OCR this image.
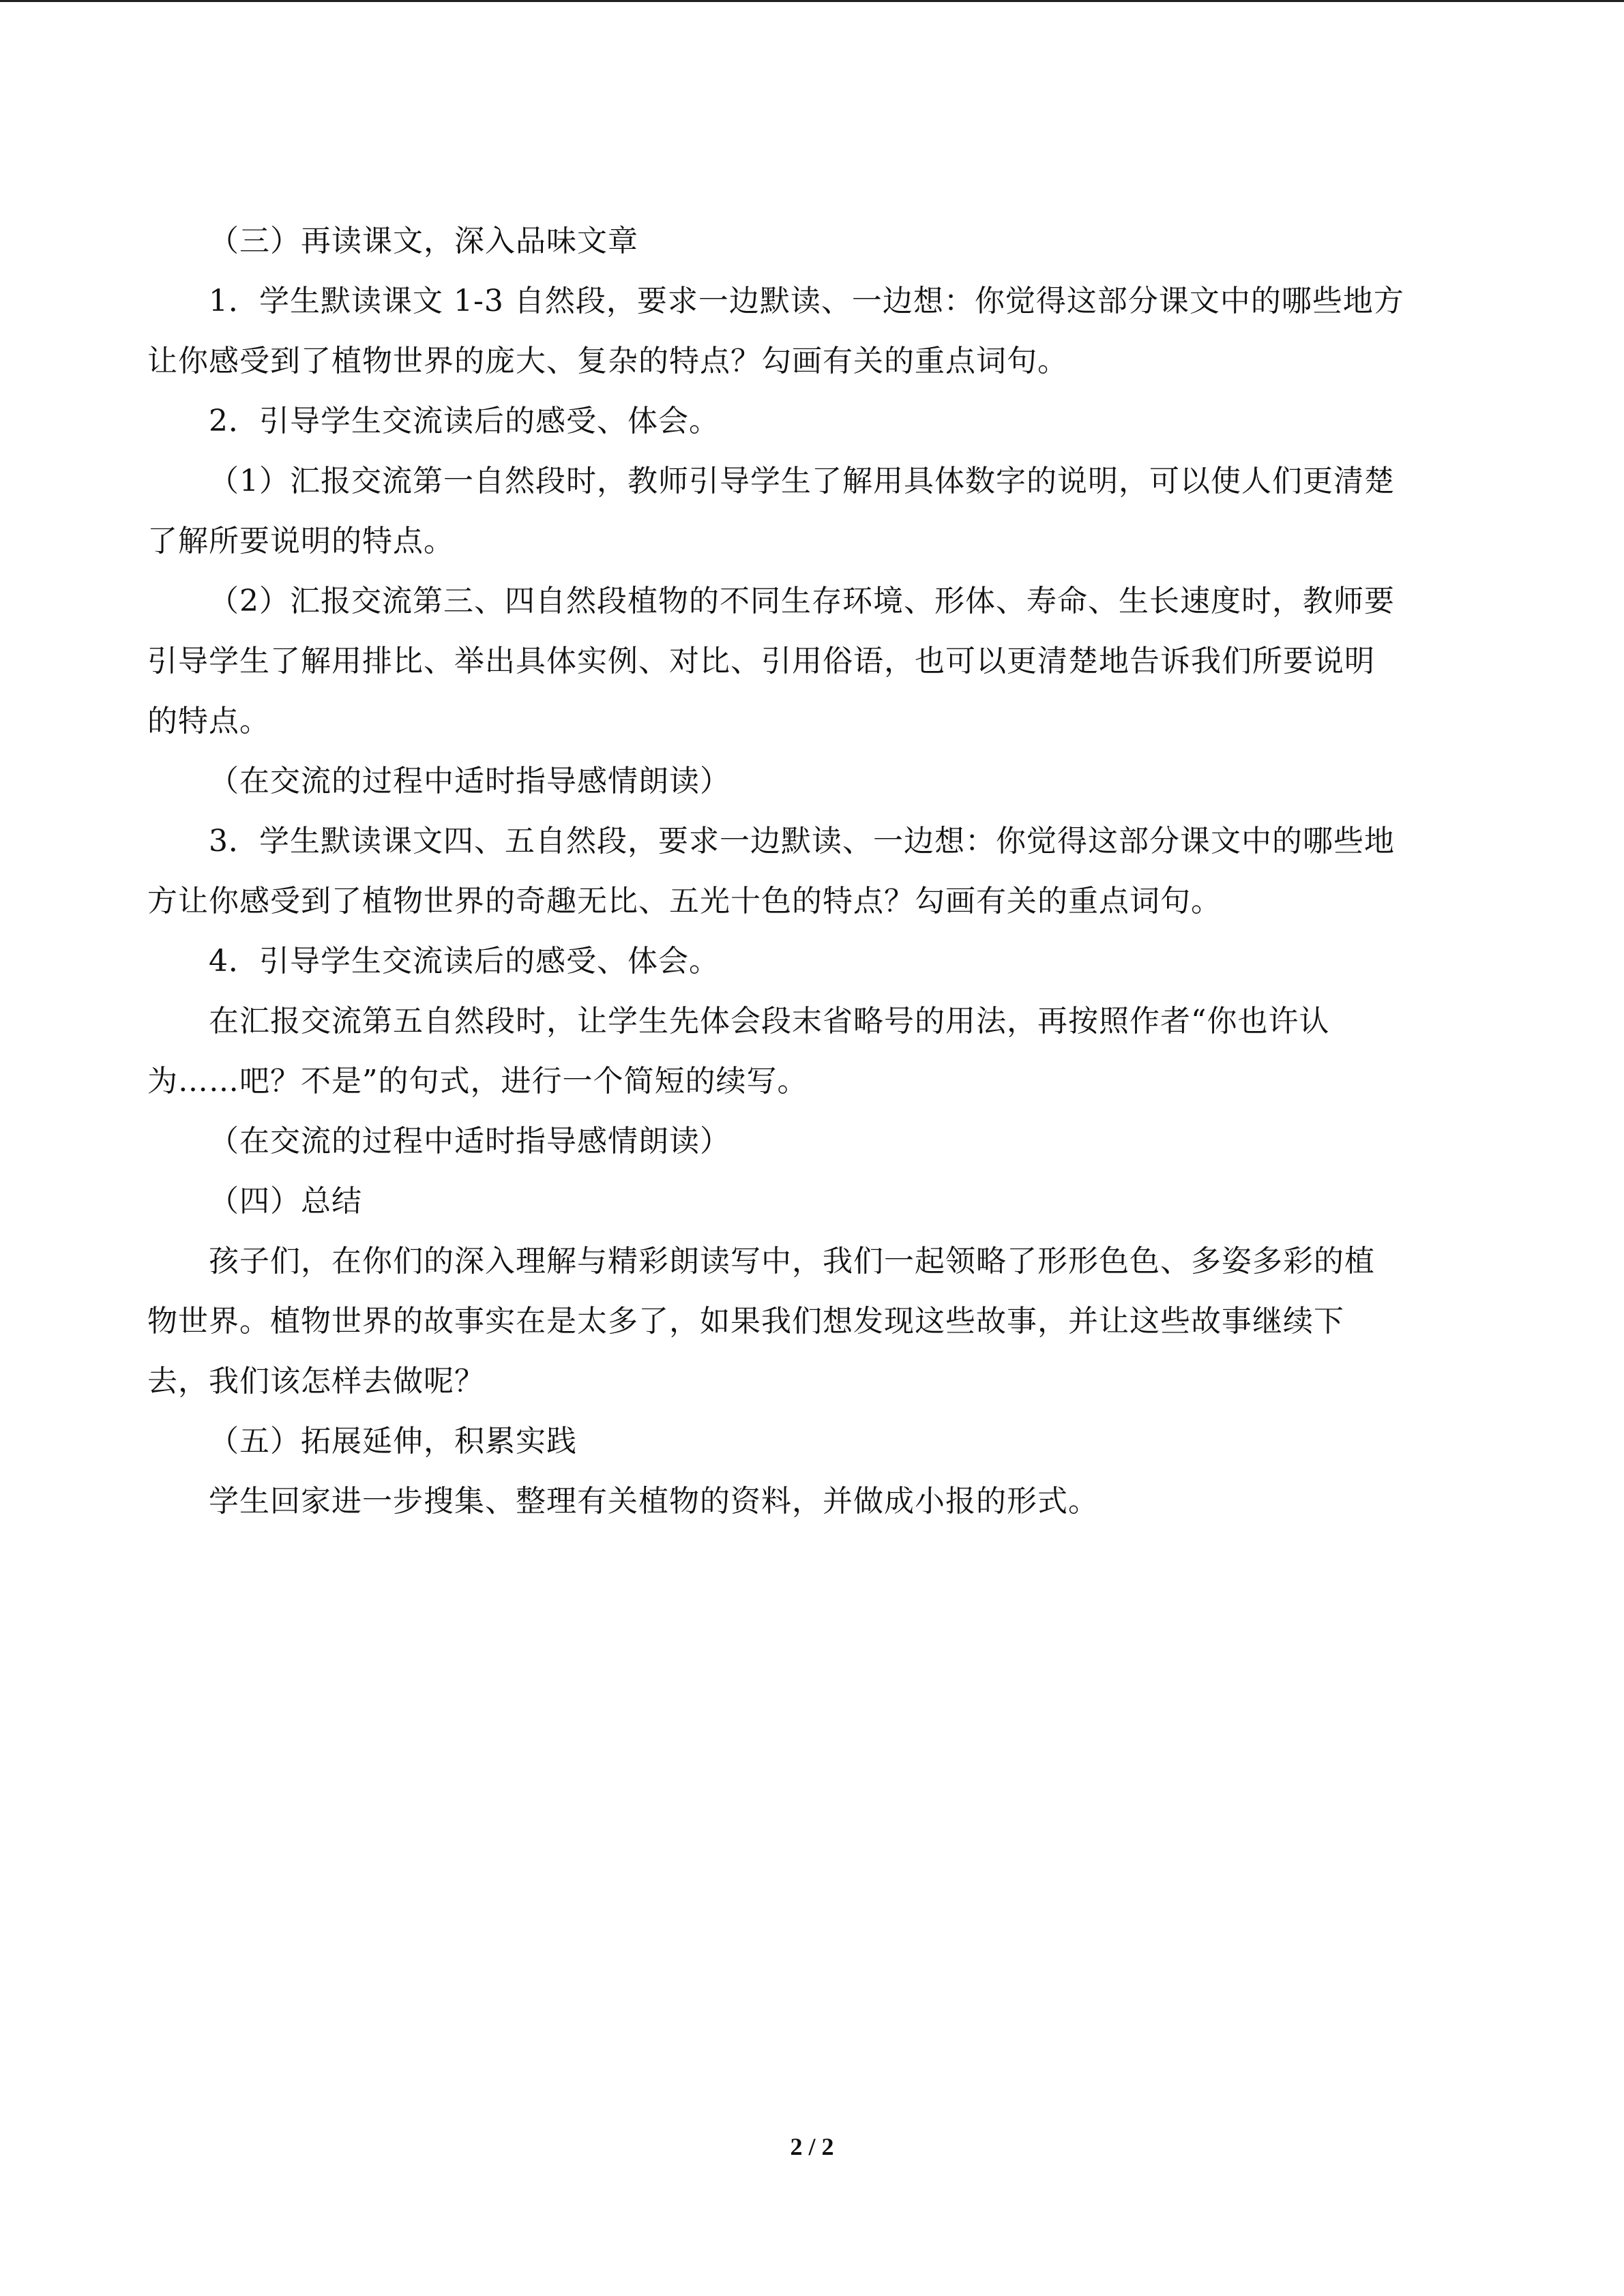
（三）再读课文，深入品味文章
1．学生默读课文 1-3 自然段，要求一边默读、一边想：你觉得这部分课文中的哪些地方
让你感受到了植物世界的庞大、复杂的特点？勾画有关的重点词句。
2．引导学生交流读后的感受、体会。
（1）汇报交流第一自然段时，教师引导学生了解用具体数字的说明，可以使人们更清楚
了解所要说明的特点。
（2）汇报交流第三、四自然段植物的不同生存环境、形体、寿命、生长速度时，教师要
引导学生了解用排比、举出具体实例、对比、引用俗语，也可以更清楚地告诉我们所要说明
的特点。
（在交流的过程中适时指导感情朗读）
3．学生默读课文四、五自然段，要求一边默读、一边想：你觉得这部分课文中的哪些地
方让你感受到了植物世界的奇趣无比、五光十色的特点？勾画有关的重点词句。
4．引导学生交流读后的感受、体会。
在汇报交流第五自然段时，让学生先体会段末省略号的用法，再按照作者“你也许认
为……吧？不是”的句式，进行一个简短的续写。
（在交流的过程中适时指导感情朗读）
（四）总结
孩子们，在你们的深入理解与精彩朗读写中，我们一起领略了形形色色、多姿多彩的植
物世界。植物世界的故事实在是太多了，如果我们想发现这些故事，并让这些故事继续下
去，我们该怎样去做呢？
（五）拓展延伸，积累实践
学生回家进一步搜集、整理有关植物的资料，并做成小报的形式。
2 / 2
